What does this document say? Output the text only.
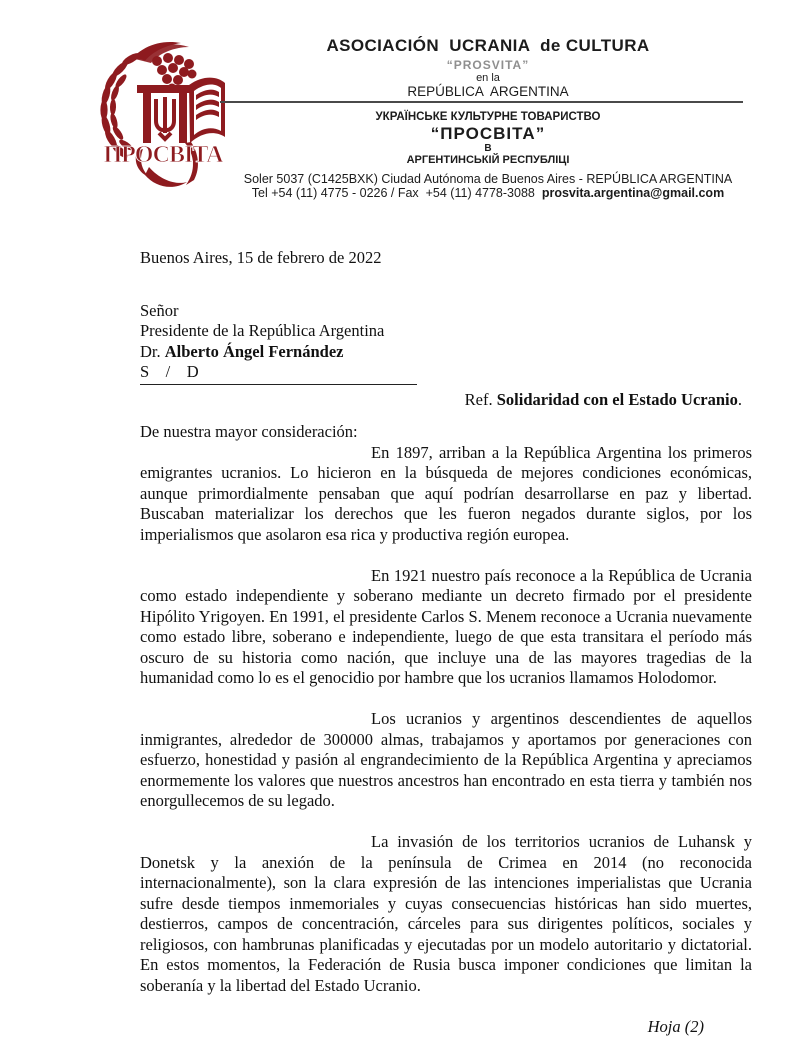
ПРОСВІТА
ASOCIACIÓN  UCRANIA  de CULTURA
“PROSVITA”
en la
REPÚBLICA  ARGENTINA
УКРАЇНСЬКЕ КУЛЬТУРНЕ ТОВАРИСТВО
“ПРОСВІТА”
В
АРГЕНТИНСЬКІЙ РЕСПУБЛІЦІ
Soler 5037 (C1425BXK) Ciudad Autónoma de Buenos Aires - REPÚBLICA ARGENTINA
Tel +54 (11) 4775 - 0226 / Fax  +54 (11) 4778-3088  prosvita.argentina@gmail.com

Buenos Aires, 15 de febrero de 2022

Señor
Presidente de la República Argentina
Dr. Alberto Ángel Fernández
S    /    D
Ref. Solidaridad con el Estado Ucranio.

De nuestra mayor consideración:

En 1897, arriban a la República Argentina los primeros emigrantes ucranios. Lo hicieron en la búsqueda de mejores condiciones económicas, aunque primordialmente pensaban que aquí podrían desarrollarse en paz y libertad. Buscaban materializar los derechos que les fueron negados durante siglos, por los imperialismos que asolaron esa rica y productiva región europea.

En 1921 nuestro país reconoce a la República de Ucrania como estado independiente y soberano mediante un decreto firmado por el presidente Hipólito Yrigoyen. En 1991, el presidente Carlos S. Menem reconoce a Ucrania nuevamente como estado libre, soberano e independiente, luego de que esta transitara el período más oscuro de su historia como nación, que incluye una de las mayores tragedias de la humanidad como lo es el genocidio por hambre que los ucranios llamamos Holodomor.

Los ucranios y argentinos descendientes de aquellos inmigrantes, alrededor de 300000 almas, trabajamos y aportamos por generaciones con esfuerzo, honestidad y pasión al engrandecimiento de la República Argentina y apreciamos enormemente los valores que nuestros ancestros han encontrado en esta tierra y también nos enorgullecemos de su legado.

La invasión de los territorios ucranios de Luhansk y Donetsk y la anexión de la península de Crimea en 2014 (no reconocida internacionalmente), son la clara expresión de las intenciones imperialistas que Ucrania sufre desde tiempos inmemoriales y cuyas consecuencias históricas han sido muertes, destierros, campos de concentración, cárceles para sus dirigentes políticos, sociales y religiosos, con hambrunas planificadas y ejecutadas por un modelo autoritario y dictatorial. En estos momentos, la Federación de Rusia busca imponer condiciones que limitan la soberanía y la libertad del Estado Ucranio.

Hoja (2)
